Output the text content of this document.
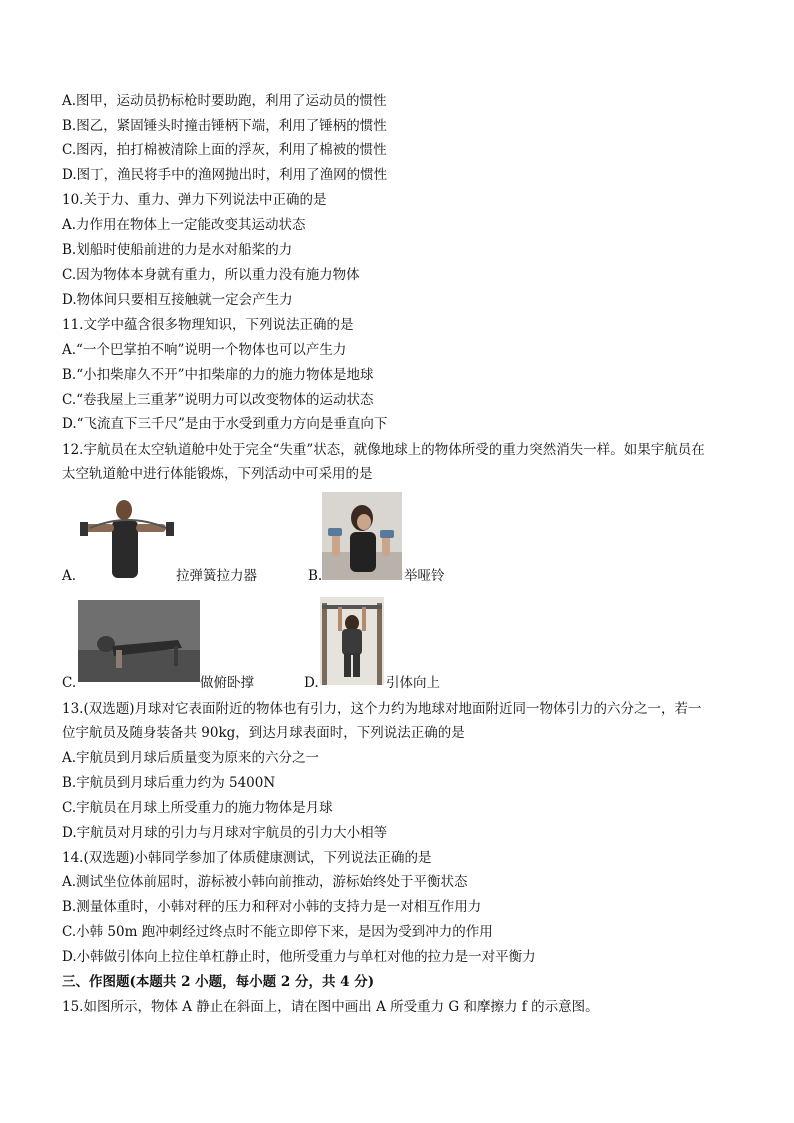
A.图甲，运动员扔标枪时要助跑，利用了运动员的惯性
B.图乙，紧固锤头时撞击锤柄下端，利用了锤柄的惯性
C.图丙，拍打棉被清除上面的浮灰，利用了棉被的惯性
D.图丁，渔民将手中的渔网抛出时，利用了渔网的惯性
10.关于力、重力、弹力下列说法中正确的是
A.力作用在物体上一定能改变其运动状态
B.划船时使船前进的力是水对船桨的力
C.因为物体本身就有重力，所以重力没有施力物体
D.物体间只要相互接触就一定会产生力
11.文学中蕴含很多物理知识，下列说法正确的是
A.“一个巴掌拍不响”说明一个物体也可以产生力
B.“小扣柴扉久不开”中扣柴扉的力的施力物体是地球
C.“卷我屋上三重茅”说明力可以改变物体的运动状态
D.“飞流直下三千尺”是由于水受到重力方向是垂直向下
12.宇航员在太空轨道舱中处于完全“失重”状态，就像地球上的物体所受的重力突然消失一样。如果宇航员在
太空轨道舱中进行体能锻炼，下列活动中可采用的是
A.	拉弹簧拉力器	B.	举哑铃
C.	做俯卧撑	D.	引体向上
13.(双选题)月球对它表面附近的物体也有引力，这个力约为地球对地面附近同一物体引力的六分之一，若一
位宇航员及随身装备共 90kg，到达月球表面时，下列说法正确的是
A.宇航员到月球后质量变为原来的六分之一
B.宇航员到月球后重力约为 5400N
C.宇航员在月球上所受重力的施力物体是月球
D.宇航员对月球的引力与月球对宇航员的引力大小相等
14.(双选题)小韩同学参加了体质健康测试，下列说法正确的是
A.测试坐位体前屈时，游标被小韩向前推动，游标始终处于平衡状态
B.测量体重时，小韩对秤的压力和秤对小韩的支持力是一对相互作用力
C.小韩 50m 跑冲刺经过终点时不能立即停下来，是因为受到冲力的作用
D.小韩做引体向上拉住单杠静止时，他所受重力与单杠对他的拉力是一对平衡力
三、作图题(本题共 2 小题，每小题 2 分，共 4 分)
15.如图所示，物体 A 静止在斜面上，请在图中画出 A 所受重力 G 和摩擦力 f 的示意图。
